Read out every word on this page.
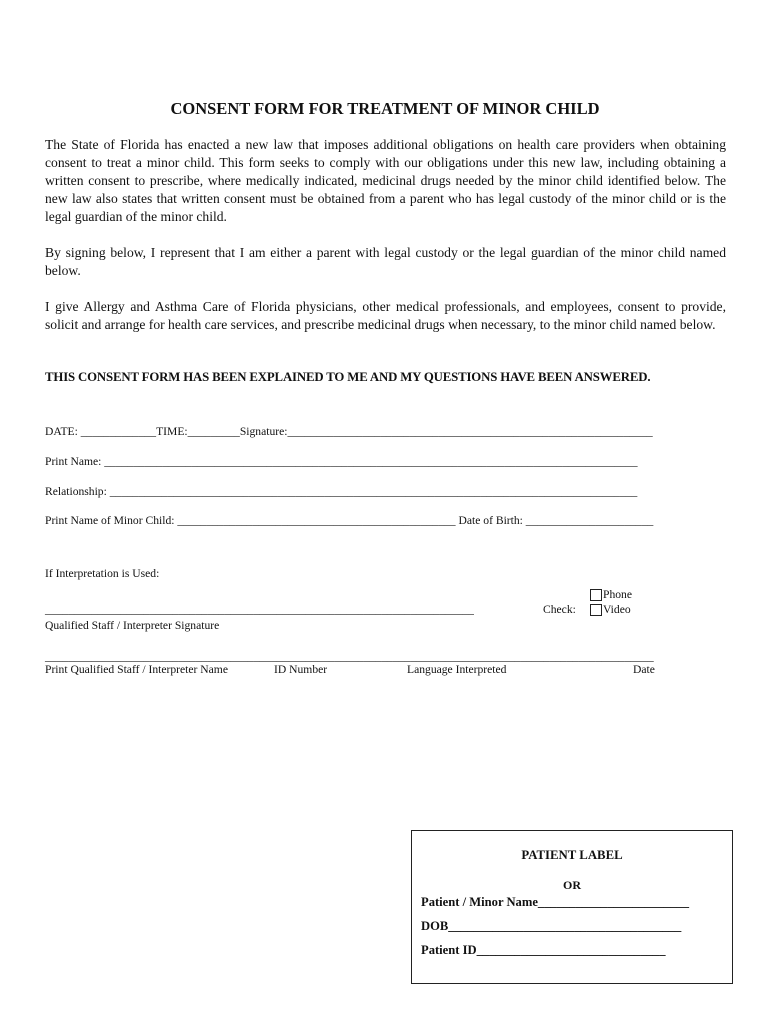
CONSENT FORM FOR TREATMENT OF MINOR CHILD
The State of Florida has enacted a new law that imposes additional obligations on health care providers when obtaining consent to treat a minor child. This form seeks to comply with our obligations under this new law, including obtaining a written consent to prescribe, where medically indicated, medicinal drugs needed by the minor child identified below. The new law also states that written consent must be obtained from a parent who has legal custody of the minor child or is the legal guardian of the minor child.
By signing below, I represent that I am either a parent with legal custody or the legal guardian of the minor child named below.
I give Allergy and Asthma Care of Florida physicians, other medical professionals, and employees, consent to provide, solicit and arrange for health care services, and prescribe medicinal drugs when necessary, to the minor child named below.
THIS CONSENT FORM HAS BEEN EXPLAINED TO ME AND MY QUESTIONS HAVE BEEN ANSWERED.
DATE: _____________TIME:_________Signature:_______________________________________________________________
Print Name: ____________________________________________________________________________________________
Relationship: ___________________________________________________________________________________________
Print Name of Minor Child: ________________________________________________ Date of Birth: ______________________
If Interpretation is Used:
Phone
__________________________________________________________________________	Check: Video
Qualified Staff / Interpreter Signature
_________________________________________________________________________________________________________
Print Qualified Staff / Interpreter Name	ID Number	Language Interpreted	Date
PATIENT LABEL
OR
Patient / Minor Name________________________
DOB_____________________________________
Patient ID______________________________
